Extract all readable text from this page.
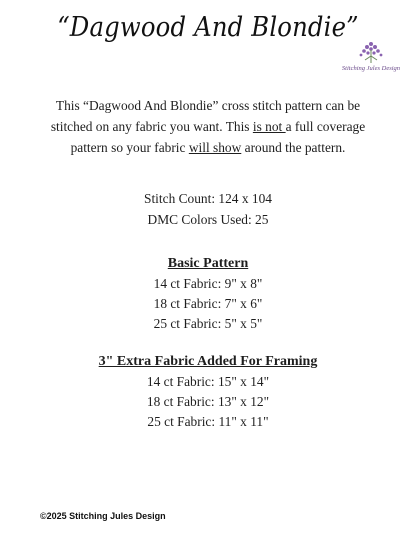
“Dagwood And Blondie”
Stitching Jules Design

This “Dagwood And Blondie” cross stitch pattern can be stitched on any fabric you want. This is not a full coverage pattern so your fabric will show around the pattern.

Stitch Count: 124 x 104
DMC Colors Used: 25
Basic Pattern
14 ct Fabric: 9" x 8"
18 ct Fabric: 7" x 6"
25 ct Fabric: 5" x 5"
3" Extra Fabric Added For Framing
14 ct Fabric: 15" x 14"
18 ct Fabric: 13" x 12"
25 ct Fabric: 11" x 11"
©2025 Stitching Jules Design
